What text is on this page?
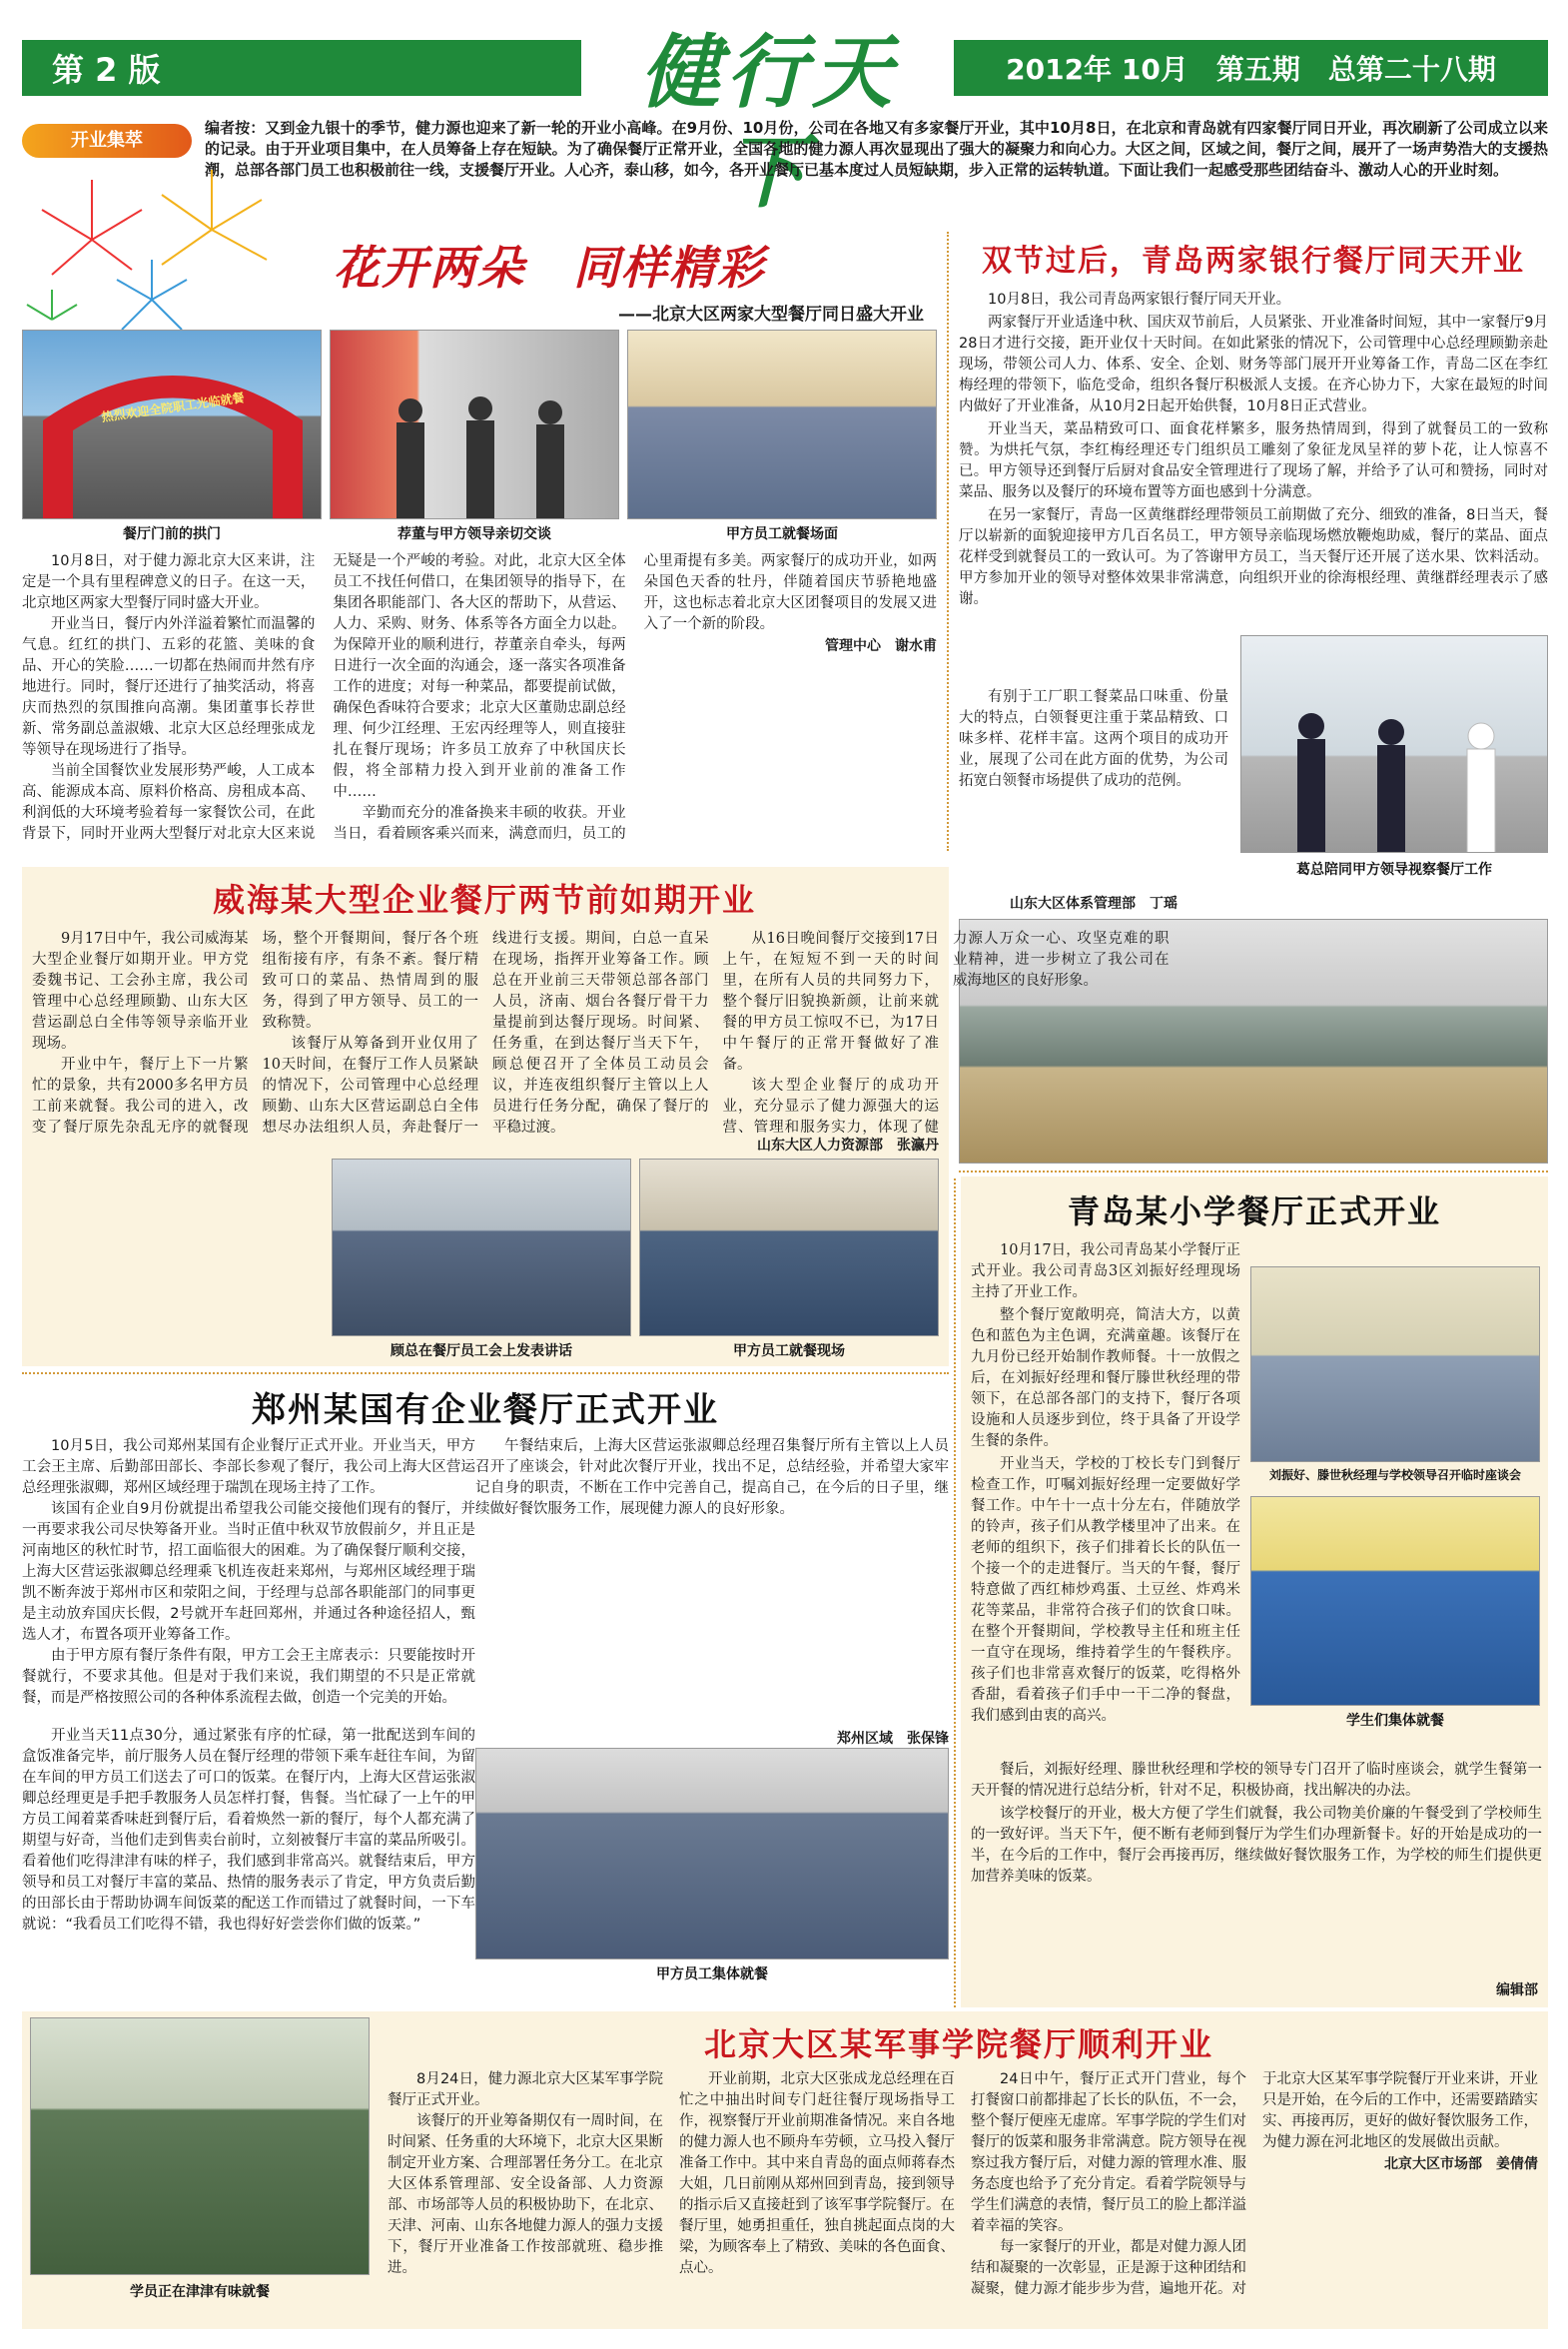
第 2 版	健行天下
2012年 10月　第五期　总第二十八期
开业集萃
编者按：又到金九银十的季节，健力源也迎来了新一轮的开业小高峰。在9月份、10月份，公司在各地又有多家餐厅开业，其中10月8日，在北京和青岛就有四家餐厅同日开业，再次刷新了公司成立以来的记录。由于开业项目集中，在人员筹备上存在短缺。为了确保餐厅正常开业，全国各地的健力源人再次显现出了强大的凝聚力和向心力。大区之间，区域之间，餐厅之间，展开了一场声势浩大的支援热潮，总部各部门员工也积极前往一线，支援餐厅开业。人心齐，泰山移，如今，各开业餐厅已基本度过人员短缺期，步入正常的运转轨道。下面让我们一起感受那些团结奋斗、激动人心的开业时刻。
花开两朵　同样精彩
——北京大区两家大型餐厅同日盛大开业
热烈欢迎全院职工光临就餐
餐厅门前的拱门	荐董与甲方领导亲切交谈	甲方员工就餐场面

10月8日，对于健力源北京大区来讲，注定是一个具有里程碑意义的日子。在这一天，北京地区两家大型餐厅同时盛大开业。

开业当日，餐厅内外洋溢着繁忙而温馨的气息。红红的拱门、五彩的花篮、美味的食品、开心的笑脸……一切都在热闹而井然有序地进行。同时，餐厅还进行了抽奖活动，将喜庆而热烈的氛围推向高潮。集团董事长荐世新、常务副总盖淑娥、北京大区总经理张成龙等领导在现场进行了指导。

当前全国餐饮业发展形势严峻，人工成本高、能源成本高、原料价格高、房租成本高、利润低的大环境考验着每一家餐饮公司，在此背景下，同时开业两大型餐厅对北京大区来说无疑是一个严峻的考验。对此，北京大区全体员工不找任何借口，在集团领导的指导下，在集团各职能部门、各大区的帮助下，从营运、人力、采购、财务、体系等各方面全力以赴。为保障开业的顺利进行，荐董亲自牵头，每两日进行一次全面的沟通会，逐一落实各项准备工作的进度；对每一种菜品，都要提前试做，确保色香味符合要求；北京大区董勋忠副总经理、何少江经理、王宏丙经理等人，则直接驻扎在餐厅现场；许多员工放弃了中秋国庆长假，将全部精力投入到开业前的准备工作中……

辛勤而充分的准备换来丰硕的收获。开业当日，看着顾客乘兴而来，满意而归，员工的心里甭提有多美。两家餐厅的成功开业，如两朵国色天香的牡丹，伴随着国庆节骄艳地盛开，这也标志着北京大区团餐项目的发展又进入了一个新的阶段。

管理中心　谢水甫

双节过后，青岛两家银行餐厅同天开业

10月8日，我公司青岛两家银行餐厅同天开业。

两家餐厅开业适逢中秋、国庆双节前后，人员紧张、开业准备时间短，其中一家餐厅9月28日才进行交接，距开业仅十天时间。在如此紧张的情况下，公司管理中心总经理顾勤亲赴现场，带领公司人力、体系、安全、企划、财务等部门展开开业筹备工作，青岛二区在李红梅经理的带领下，临危受命，组织各餐厅积极派人支援。在齐心协力下，大家在最短的时间内做好了开业准备，从10月2日起开始供餐，10月8日正式营业。

开业当天，菜品精致可口、面食花样繁多，服务热情周到，得到了就餐员工的一致称赞。为烘托气氛，李红梅经理还专门组织员工雕刻了象征龙凤呈祥的萝卜花，让人惊喜不已。甲方领导还到餐厅后厨对食品安全管理进行了现场了解，并给予了认可和赞扬，同时对菜品、服务以及餐厅的环境布置等方面也感到十分满意。

在另一家餐厅，青岛一区黄继群经理带领员工前期做了充分、细致的准备，8日当天，餐厅以崭新的面貌迎接甲方几百名员工，甲方领导亲临现场燃放鞭炮助威，餐厅的菜品、面点花样受到就餐员工的一致认可。为了答谢甲方员工，当天餐厅还开展了送水果、饮料活动。甲方参加开业的领导对整体效果非常满意，向组织开业的徐海根经理、黄继群经理表示了感谢。

有别于工厂职工餐菜品口味重、份量大的特点，白领餐更注重于菜品精致、口味多样、花样丰富。这两个项目的成功开业，展现了公司在此方面的优势，为公司拓宽白领餐市场提供了成功的范例。

葛总陪同甲方领导视察餐厅工作
山东大区体系管理部　丁瑶
威海某大型企业餐厅两节前如期开业

9月17日中午，我公司威海某大型企业餐厅如期开业。甲方党委魏书记、工会孙主席，我公司管理中心总经理顾勤、山东大区营运副总白全伟等领导亲临开业现场。

开业中午，餐厅上下一片繁忙的景象，共有2000多名甲方员工前来就餐。我公司的进入，改变了餐厅原先杂乱无序的就餐现场，整个开餐期间，餐厅各个班组衔接有序，有条不紊。餐厅精致可口的菜品、热情周到的服务，得到了甲方领导、员工的一致称赞。

该餐厅从筹备到开业仅用了10天时间，在餐厅工作人员紧缺的情况下，公司管理中心总经理顾勤、山东大区营运副总白全伟想尽办法组织人员，奔赴餐厅一线进行支援。期间，白总一直呆在现场，指挥开业筹备工作。顾总在开业前三天带领总部各部门人员，济南、烟台各餐厅骨干力量提前到达餐厅现场。时间紧、任务重，在到达餐厅当天下午，顾总便召开了全体员工动员会议，并连夜组织餐厅主管以上人员进行任务分配，确保了餐厅的平稳过渡。

从16日晚间餐厅交接到17日上午，在短短不到一天的时间里，在所有人员的共同努力下，整个餐厅旧貌换新颜，让前来就餐的甲方员工惊叹不已，为17日中午餐厅的正常开餐做好了准备。

该大型企业餐厅的成功开业，充分显示了健力源强大的运营、管理和服务实力，体现了健力源人万众一心、攻坚克难的职业精神，进一步树立了我公司在威海地区的良好形象。

山东大区人力资源部　张瀛丹
顾总在餐厅员工会上发表讲话	甲方员工就餐现场
郑州某国有企业餐厅正式开业

10月5日，我公司郑州某国有企业餐厅正式开业。开业当天，甲方工会王主席、后勤部田部长、李部长参观了餐厅，我公司上海大区营运总经理张淑卿，郑州区域经理于瑞凯在现场主持了工作。

该国有企业自9月份就提出希望我公司能交接他们现有的餐厅，并一再要求我公司尽快筹备开业。当时正值中秋双节放假前夕，并且正是河南地区的秋忙时节，招工面临很大的困难。为了确保餐厅顺利交接，上海大区营运张淑卿总经理乘飞机连夜赶来郑州，与郑州区域经理于瑞凯不断奔波于郑州市区和荥阳之间，于经理与总部各职能部门的同事更是主动放弃国庆长假，2号就开车赶回郑州，并通过各种途径招人，甄选人才，布置各项开业筹备工作。

由于甲方原有餐厅条件有限，甲方工会王主席表示：只要能按时开餐就行，不要求其他。但是对于我们来说，我们期望的不只是正常就餐，而是严格按照公司的各种体系流程去做，创造一个完美的开始。

开业当天11点30分，通过紧张有序的忙碌，第一批配送到车间的盒饭准备完毕，前厅服务人员在餐厅经理的带领下乘车赶往车间，为留在车间的甲方员工们送去了可口的饭菜。在餐厅内，上海大区营运张淑卿总经理更是手把手教服务人员怎样打餐，售餐。当忙碌了一上午的甲方员工闻着菜香味赶到餐厅后，看着焕然一新的餐厅，每个人都充满了期望与好奇，当他们走到售卖台前时，立刻被餐厅丰富的菜品所吸引。看着他们吃得津津有味的样子，我们感到非常高兴。就餐结束后，甲方领导和员工对餐厅丰富的菜品、热情的服务表示了肯定，甲方负责后勤的田部长由于帮助协调车间饭菜的配送工作而错过了就餐时间，一下车就说：“我看员工们吃得不错，我也得好好尝尝你们做的饭菜。”

郑州区域　张保锋

午餐结束后，上海大区营运张淑卿总经理召集餐厅所有主管以上人员召开了座谈会，针对此次餐厅开业，找出不足，总结经验，并希望大家牢记自身的职责，不断在工作中完善自己，提高自己，在今后的日子里，继续做好餐饮服务工作，展现健力源人的良好形象。

甲方员工集体就餐
青岛某小学餐厅正式开业

10月17日，我公司青岛某小学餐厅正式开业。我公司青岛3区刘振好经理现场主持了开业工作。

整个餐厅宽敞明亮，简洁大方，以黄色和蓝色为主色调，充满童趣。该餐厅在九月份已经开始制作教师餐。十一放假之后，在刘振好经理和餐厅滕世秋经理的带领下，在总部各部门的支持下，餐厅各项设施和人员逐步到位，终于具备了开设学生餐的条件。

开业当天，学校的丁校长专门到餐厅检查工作，叮嘱刘振好经理一定要做好学餐工作。中午十一点十分左右，伴随放学的铃声，孩子们从教学楼里冲了出来。在老师的组织下，孩子们排着长长的队伍一个接一个的走进餐厅。当天的午餐，餐厅特意做了西红柿炒鸡蛋、土豆丝、炸鸡米花等菜品，非常符合孩子们的饮食口味。在整个开餐期间，学校教导主任和班主任一直守在现场，维持着学生的午餐秩序。孩子们也非常喜欢餐厅的饭菜，吃得格外香甜，看着孩子们手中一干二净的餐盘，我们感到由衷的高兴。

刘振好、滕世秋经理与学校领导召开临时座谈会
学生们集体就餐

餐后，刘振好经理、滕世秋经理和学校的领导专门召开了临时座谈会，就学生餐第一天开餐的情况进行总结分析，针对不足，积极协商，找出解决的办法。

该学校餐厅的开业，极大方便了学生们就餐，我公司物美价廉的午餐受到了学校师生的一致好评。当天下午，便不断有老师到餐厅为学生们办理新餐卡。好的开始是成功的一半，在今后的工作中，餐厅会再接再厉，继续做好餐饮服务工作，为学校的师生们提供更加营养美味的饭菜。

编辑部
学员正在津津有味就餐
北京大区某军事学院餐厅顺利开业

8月24日，健力源北京大区某军事学院餐厅正式开业。

该餐厅的开业筹备期仅有一周时间，在时间紧、任务重的大环境下，北京大区果断制定开业方案、合理部署任务分工。在北京大区体系管理部、安全设备部、人力资源部、市场部等人员的积极协助下，在北京、天津、河南、山东各地健力源人的强力支援下，餐厅开业准备工作按部就班、稳步推进。

开业前期，北京大区张成龙总经理在百忙之中抽出时间专门赶往餐厅现场指导工作，视察餐厅开业前期准备情况。来自各地的健力源人也不顾舟车劳顿，立马投入餐厅准备工作中。其中来自青岛的面点师蒋春杰大姐，几日前刚从郑州回到青岛，接到领导的指示后又直接赶到了该军事学院餐厅。在餐厅里，她勇担重任，独自挑起面点岗的大梁，为顾客奉上了精致、美味的各色面食、点心。

24日中午，餐厅正式开门营业，每个打餐窗口前都排起了长长的队伍，不一会，整个餐厅便座无虚席。军事学院的学生们对餐厅的饭菜和服务非常满意。院方领导在视察过我方餐厅后，对健力源的管理水准、服务态度也给予了充分肯定。看着学院领导与学生们满意的表情，餐厅员工的脸上都洋溢着幸福的笑容。

每一家餐厅的开业，都是对健力源人团结和凝聚的一次彰显，正是源于这种团结和凝聚，健力源才能步步为营，遍地开花。对于北京大区某军事学院餐厅开业来讲，开业只是开始，在今后的工作中，还需要踏踏实实、再接再厉，更好的做好餐饮服务工作，为健力源在河北地区的发展做出贡献。

北京大区市场部　姜倩倩
